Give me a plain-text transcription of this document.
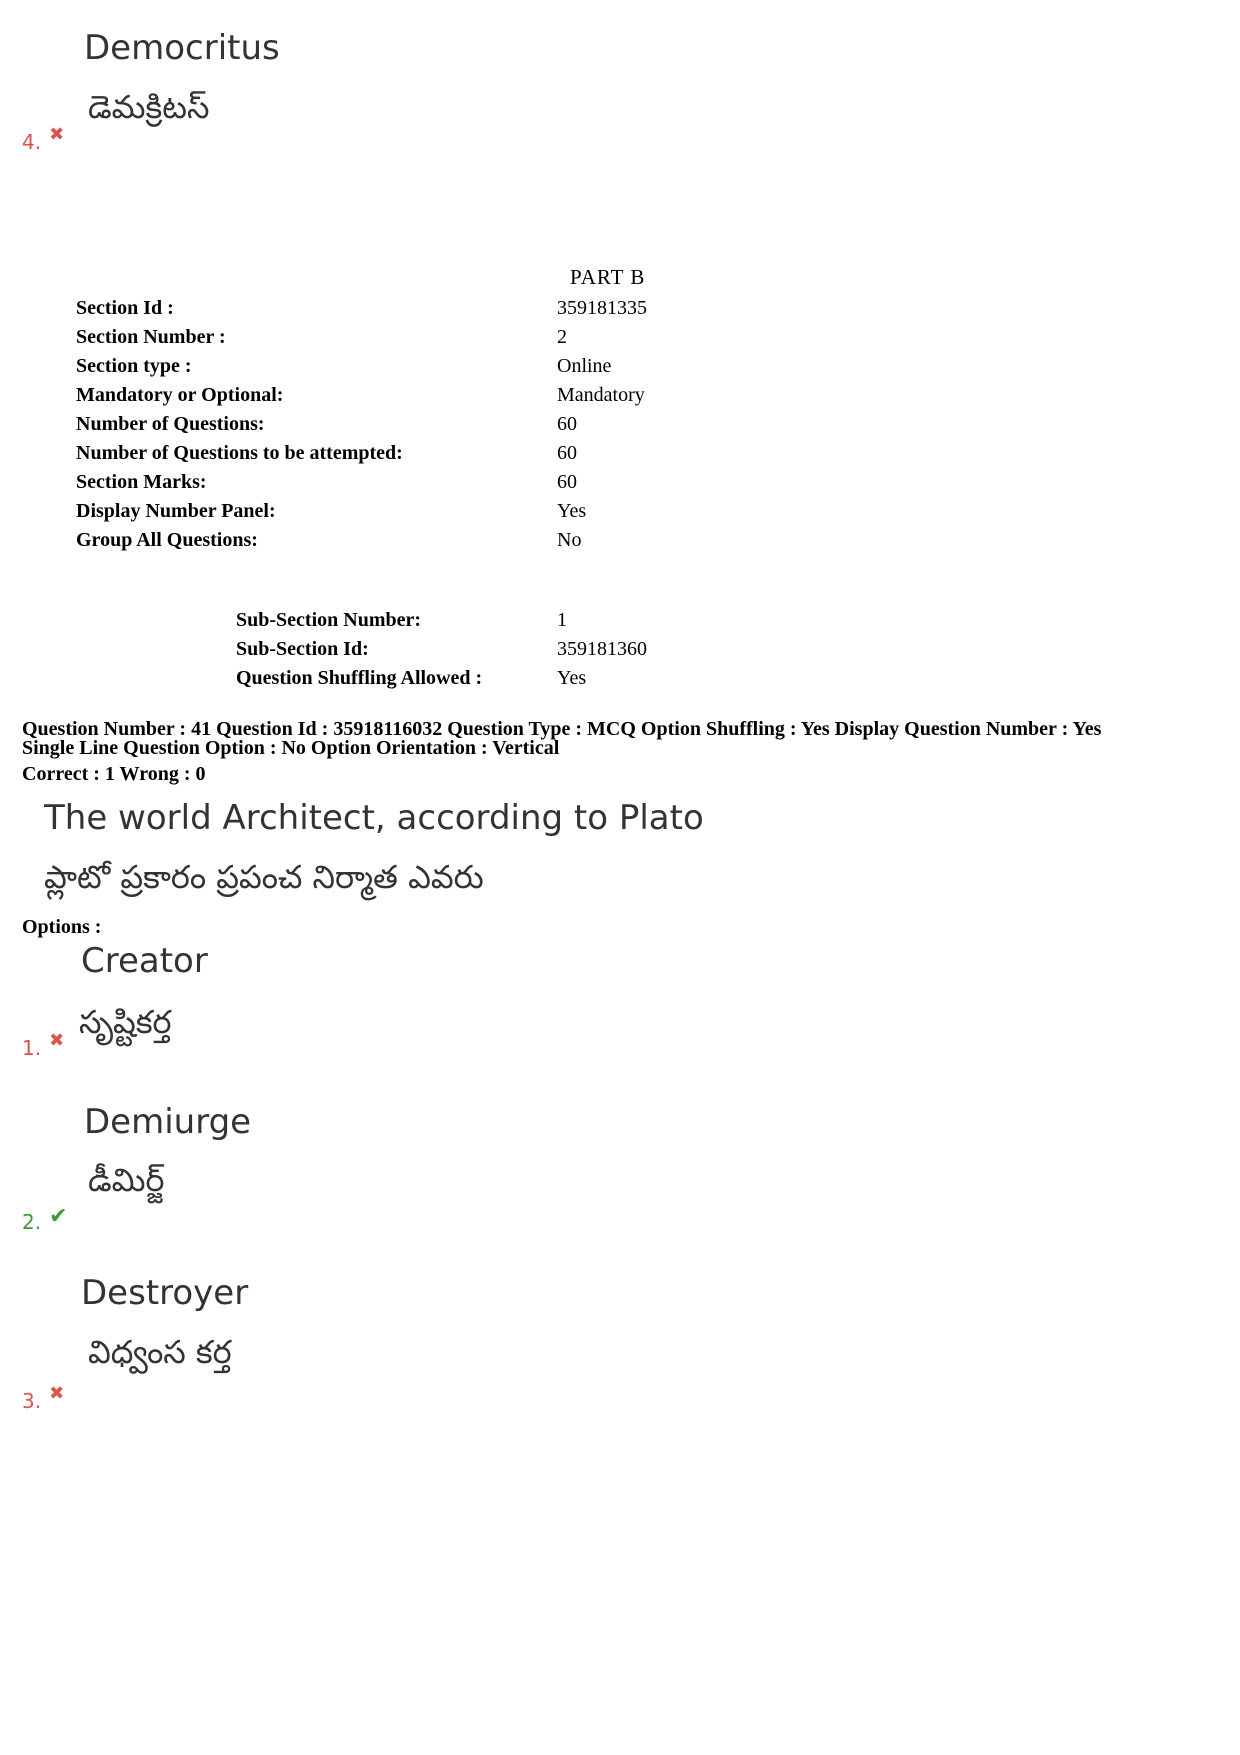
Democritus
డెమక్రిటస్
4. ✖
PART B
Section Id :	359181335
Section Number :	2
Section type :	Online
Mandatory or Optional:	Mandatory
Number of Questions:	60
Number of Questions to be attempted:	60
Section Marks:	60
Display Number Panel:	Yes
Group All Questions:	No
Sub-Section Number:	1
Sub-Section Id:	359181360
Question Shuffling Allowed :	Yes
Question Number : 41 Question Id : 35918116032 Question Type : MCQ Option Shuffling : Yes Display Question Number : Yes
Single Line Question Option : No Option Orientation : Vertical
Correct : 1 Wrong : 0
The world Architect, according to Plato
ప్లాటో ప్రకారం ప్రపంచ నిర్మాత ఎవరు
Options :
Creator
సృష్టికర్త
1. ✖
Demiurge
డీమిర్జ్
2. ✔
Destroyer
విధ్వంస కర్త
3. ✖
